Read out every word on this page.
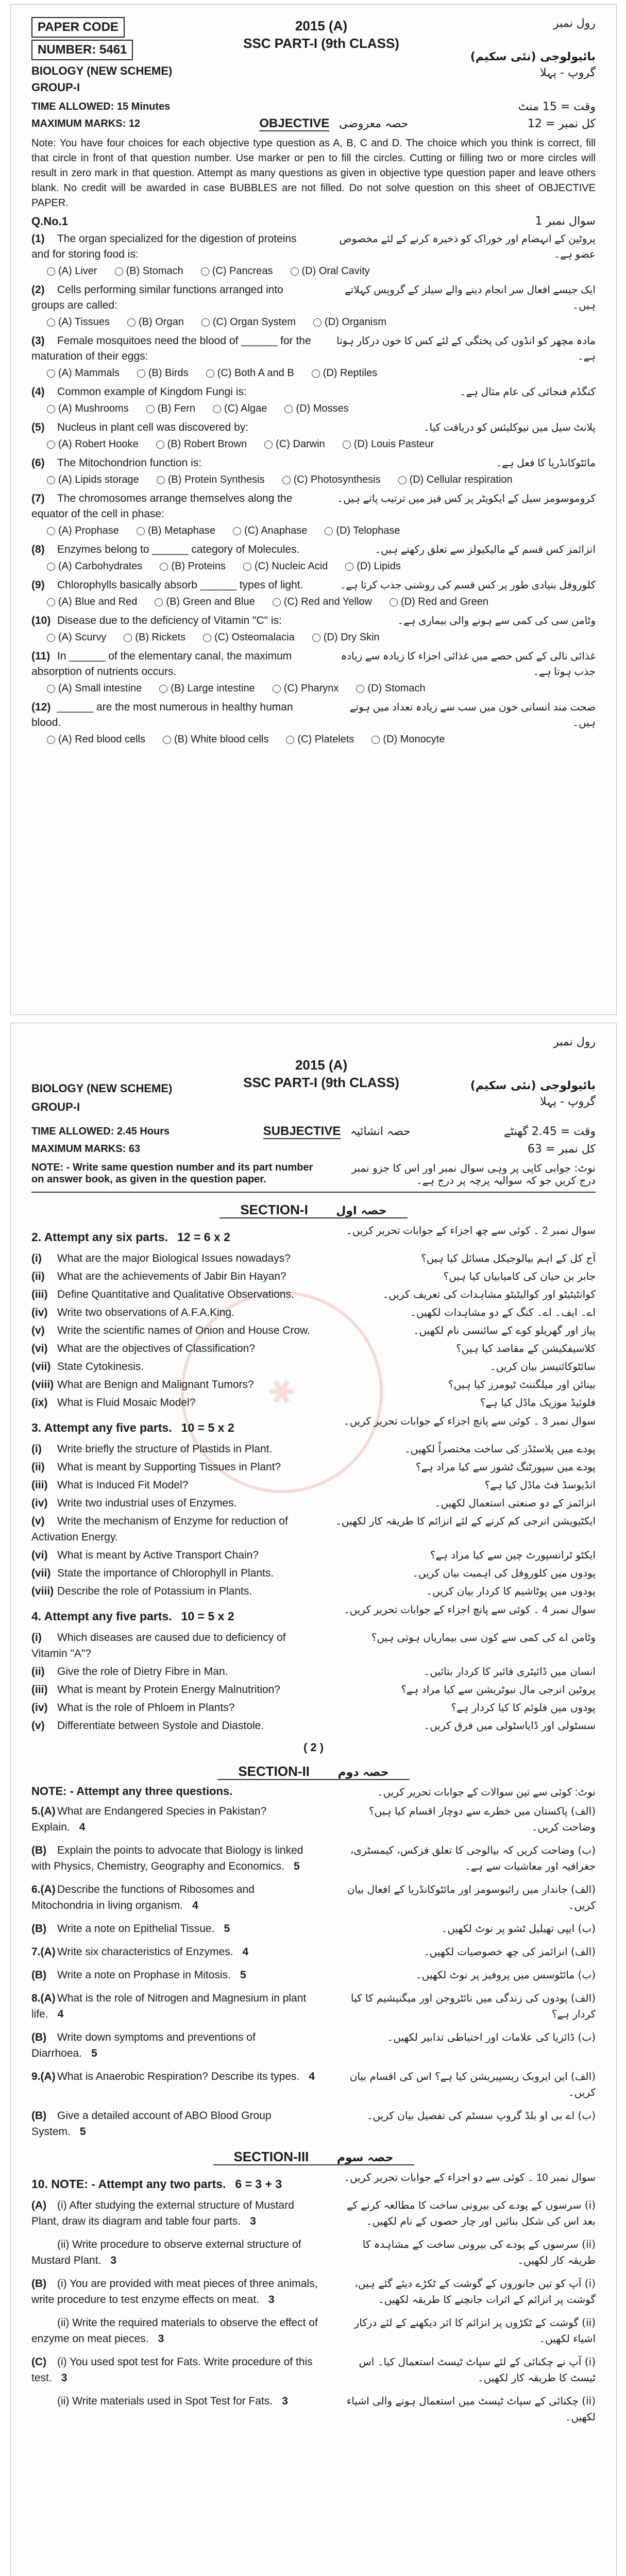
PAPER CODE
NUMBER: 5461
BIOLOGY (NEW SCHEME)
GROUP-I
2015 (A)
SSC PART-I (9th CLASS)
رول نمبر
بائیولوجی (نئی سکیم)
گروپ - پہلا
TIME ALLOWED: 15 Minutes	وقت = 15 منٹ
MAXIMUM MARKS: 12	OBJECTIVE حصہ معروضی	کل نمبر = 12
Note: You have four choices for each objective type question as A, B, C and D. The choice which you think is correct, fill that circle in front of that question number. Use marker or pen to fill the circles. Cutting or filling two or more circles will result in zero mark in that question. Attempt as many questions as given in objective type question paper and leave others blank. No credit will be awarded in case BUBBLES are not filled. Do not solve question on this sheet of OBJECTIVE PAPER.
Q.No.1	سوال نمبر 1
(1) The organ specialized for the digestion of proteins and for storing food is:
پروٹین کے انہضام اور خوراک کو ذخیرہ کرنے کے لئے مخصوص عضو ہے۔
(A) Liver	(B) Stomach	(C) Pancreas	(D) Oral Cavity
(2) Cells performing similar functions arranged into groups are called:
ایک جیسے افعال سر انجام دینے والے سیلز کے گروپس کہلاتے ہیں۔
(A) Tissues	(B) Organ	(C) Organ System	(D) Organism
(3) Female mosquitoes need the blood of ______ for the maturation of their eggs:
مادہ مچھر کو انڈوں کی پختگی کے لئے کس کا خون درکار ہوتا ہے۔
(A) Mammals	(B) Birds	(C) Both A and B	(D) Reptiles
(4) Common example of Kingdom Fungi is:	کنگڈم فنجائی کی عام مثال ہے۔
(A) Mushrooms	(B) Fern	(C) Algae	(D) Mosses
(5) Nucleus in plant cell was discovered by:	پلانٹ سیل میں نیوکلیئس کو دریافت کیا۔
(A) Robert Hooke	(B) Robert Brown	(C) Darwin	(D) Louis Pasteur
(6) The Mitochondrion function is:	مائٹوکانڈریا کا فعل ہے۔
(A) Lipids storage	(B) Protein Synthesis	(C) Photosynthesis	(D) Cellular respiration
(7) The chromosomes arrange themselves along the equator of the cell in phase:
کروموسومز سیل کے ایکویٹر پر کس فیز میں ترتیب پاتے ہیں۔
(A) Prophase	(B) Metaphase	(C) Anaphase	(D) Telophase
(8) Enzymes belong to ______ category of Molecules.	انزائمز کس قسم کے مالیکیولز سے تعلق رکھتے ہیں۔
(A) Carbohydrates	(B) Proteins	(C) Nucleic Acid	(D) Lipids
(9) Chlorophylls basically absorb ______ types of light.	کلوروفل بنیادی طور پر کس قسم کی روشنی جذب کرتا ہے۔
(A) Blue and Red	(B) Green and Blue	(C) Red and Yellow	(D) Red and Green
(10) Disease due to the deficiency of Vitamin "C" is:	وٹامن سی کی کمی سے ہونے والی بیماری ہے۔
(A) Scurvy	(B) Rickets	(C) Osteomalacia	(D) Dry Skin
(11) In ______ of the elementary canal, the maximum absorption of nutrients occurs.
غذائی نالی کے کس حصے میں غذائی اجزاء کا زیادہ سے زیادہ جذب ہوتا ہے۔
(A) Small intestine	(B) Large intestine	(C) Pharynx	(D) Stomach
(12) ______ are the most numerous in healthy human blood.
صحت مند انسانی خون میں سب سے زیادہ تعداد میں ہوتے ہیں۔
(A) Red blood cells	(B) White blood cells	(C) Platelets	(D) Monocyte
✱
BIOLOGY (NEW SCHEME)
GROUP-I
2015 (A)
SSC PART-I (9th CLASS)
رول نمبر
بائیولوجی (نئی سکیم)
گروپ - پہلا
TIME ALLOWED: 2.45 Hours	SUBJECTIVE حصہ انشائیہ	وقت = 2.45 گھنٹے
MAXIMUM MARKS: 63	کل نمبر = 63
NOTE: - Write same question number and its part number on answer book, as given in the question paper.
نوٹ: جوابی کاپی پر وہی سوال نمبر اور اس کا جزو نمبر درج کریں جو کہ سوالیہ پرچہ پر درج ہے۔
SECTION-I حصہ اول
2. Attempt any six parts. 12 = 6 x 2	سوال نمبر 2 ۔ کوئی سے چھ اجزاء کے جوابات تحریر کریں۔
(i) What are the major Biological Issues nowadays?	آج کل کے اہم بیالوجیکل مسائل کیا ہیں؟
(ii) What are the achievements of Jabir Bin Hayan?	جابر بن حیان کی کامیابیاں کیا ہیں؟
(iii) Define Quantitative and Qualitative Observations.	کوانٹیٹیٹو اور کوالیٹیٹو مشاہدات کی تعریف کریں۔
(iv) Write two observations of A.F.A.King.	اے۔ ایف۔ اے۔ کنگ کے دو مشاہدات لکھیں۔
(v) Write the scientific names of Onion and House Crow.	پیاز اور گھریلو کوے کے سائنسی نام لکھیں۔
(vi) What are the objectives of Classification?	کلاسیفکیشن کے مقاصد کیا ہیں؟
(vii) State Cytokinesis.	سائٹوکائنیسز بیان کریں۔
(viii) What are Benign and Malignant Tumors?	بینائن اور میلگننٹ ٹیومرز کیا ہیں؟
(ix) What is Fluid Mosaic Model?	فلوئیڈ موزیک ماڈل کیا ہے؟
3. Attempt any five parts. 10 = 5 x 2	سوال نمبر 3 ۔ کوئی سے پانچ اجزاء کے جوابات تحریر کریں۔
(i) Write briefly the structure of Plastids in Plant.	پودے میں پلاسٹڈز کی ساخت مختصراً لکھیں۔
(ii) What is meant by Supporting Tissues in Plant?	پودے میں سپورٹنگ ٹشوز سے کیا مراد ہے؟
(iii) What is Induced Fit Model?	انڈیوسڈ فٹ ماڈل کیا ہے؟
(iv) Write two industrial uses of Enzymes.	انزائمز کے دو صنعتی استعمال لکھیں۔
(v) Write the mechanism of Enzyme for reduction of Activation Energy.
ایکٹیویشن انرجی کم کرنے کے لئے انزائم کا طریقہ کار لکھیں۔
(vi) What is meant by Active Transport Chain?	ایکٹو ٹرانسپورٹ چین سے کیا مراد ہے؟
(vii) State the importance of Chlorophyll in Plants.	پودوں میں کلوروفل کی اہمیت بیان کریں۔
(viii) Describe the role of Potassium in Plants.	پودوں میں پوٹاشیم کا کردار بیان کریں۔
4. Attempt any five parts. 10 = 5 x 2	سوال نمبر 4 ۔ کوئی سے پانچ اجزاء کے جوابات تحریر کریں۔
(i) Which diseases are caused due to deficiency of Vitamin "A"?
وٹامن اے کی کمی سے کون سی بیماریاں ہوتی ہیں؟
(ii) Give the role of Dietry Fibre in Man.	انسان میں ڈائیٹری فائبر کا کردار بتائیں۔
(iii) What is meant by Protein Energy Malnutrition?	پروٹین انرجی مال نیوٹریشن سے کیا مراد ہے؟
(iv) What is the role of Phloem in Plants?	پودوں میں فلوئم کا کیا کردار ہے؟
(v) Differentiate between Systole and Diastole.	سسٹولی اور ڈایاسٹولی میں فرق کریں۔
( 2 )
SECTION-II حصہ دوم
NOTE: - Attempt any three questions.	نوٹ: کوئی سے تین سوالات کے جوابات تحریر کریں۔
5.(A) What are Endangered Species in Pakistan? Explain. 4
(الف) پاکستان میں خطرے سے دوچار اقسام کیا ہیں؟ وضاحت کریں۔
(B) Explain the points to advocate that Biology is linked with Physics, Chemistry, Geography and Economics. 5
(ب) وضاحت کریں کہ بیالوجی کا تعلق فزکس، کیمسٹری، جغرافیہ اور معاشیات سے ہے۔
6.(A) Describe the functions of Ribosomes and Mitochondria in living organism. 4
(الف) جاندار میں رائبوسومز اور مائٹوکانڈریا کے افعال بیان کریں۔
(B) Write a note on Epithelial Tissue. 5	(ب) ایپی تھیلیل ٹشو پر نوٹ لکھیں۔
7.(A) Write six characteristics of Enzymes. 4	(الف) انزائمز کی چھ خصوصیات لکھیں۔
(B) Write a note on Prophase in Mitosis. 5	(ب) مائٹوسس میں پروفیز پر نوٹ لکھیں۔
8.(A) What is the role of Nitrogen and Magnesium in plant life. 4
(الف) پودوں کی زندگی میں نائٹروجن اور میگنیشیم کا کیا کردار ہے؟
(B) Write down symptoms and preventions of Diarrhoea. 5
(ب) ڈائریا کی علامات اور احتیاطی تدابیر لکھیں۔
9.(A) What is Anaerobic Respiration? Describe its types. 4	(الف) این ایروبک ریسپیریشن کیا ہے؟ اس کی اقسام بیان کریں۔
(B) Give a detailed account of ABO Blood Group System. 5
(ب) اے بی او بلڈ گروپ سسٹم کی تفصیل بیان کریں۔
SECTION-III حصہ سوم
10. NOTE: - Attempt any two parts. 6 = 3 + 3	سوال نمبر 10 ۔ کوئی سے دو اجزاء کے جوابات تحریر کریں۔
(A) (i) After studying the external structure of Mustard Plant, draw its diagram and table four parts. 3
(i) سرسوں کے پودے کی بیرونی ساخت کا مطالعہ کرنے کے بعد اس کی شکل بنائیں اور چار حصوں کے نام لکھیں۔
(ii) Write procedure to observe external structure of Mustard Plant. 3
(ii) سرسوں کے پودے کی بیرونی ساخت کے مشاہدہ کا طریقہ کار لکھیں۔
(B) (i) You are provided with meat pieces of three animals, write procedure to test enzyme effects on meat. 3
(i) آپ کو تین جانوروں کے گوشت کے ٹکڑے دیئے گئے ہیں، گوشت پر انزائم کے اثرات جانچنے کا طریقہ لکھیں۔
(ii) Write the required materials to observe the effect of enzyme on meat pieces. 3
(ii) گوشت کے ٹکڑوں پر انزائم کا اثر دیکھنے کے لئے درکار اشیاء لکھیں۔
(C) (i) You used spot test for Fats. Write procedure of this test. 3
(i) آپ نے چکنائی کے لئے سپاٹ ٹیسٹ استعمال کیا۔ اس ٹیسٹ کا طریقہ کار لکھیں۔
(ii) Write materials used in Spot Test for Fats. 3	(ii) چکنائی کے سپاٹ ٹیسٹ میں استعمال ہونے والی اشیاء لکھیں۔
